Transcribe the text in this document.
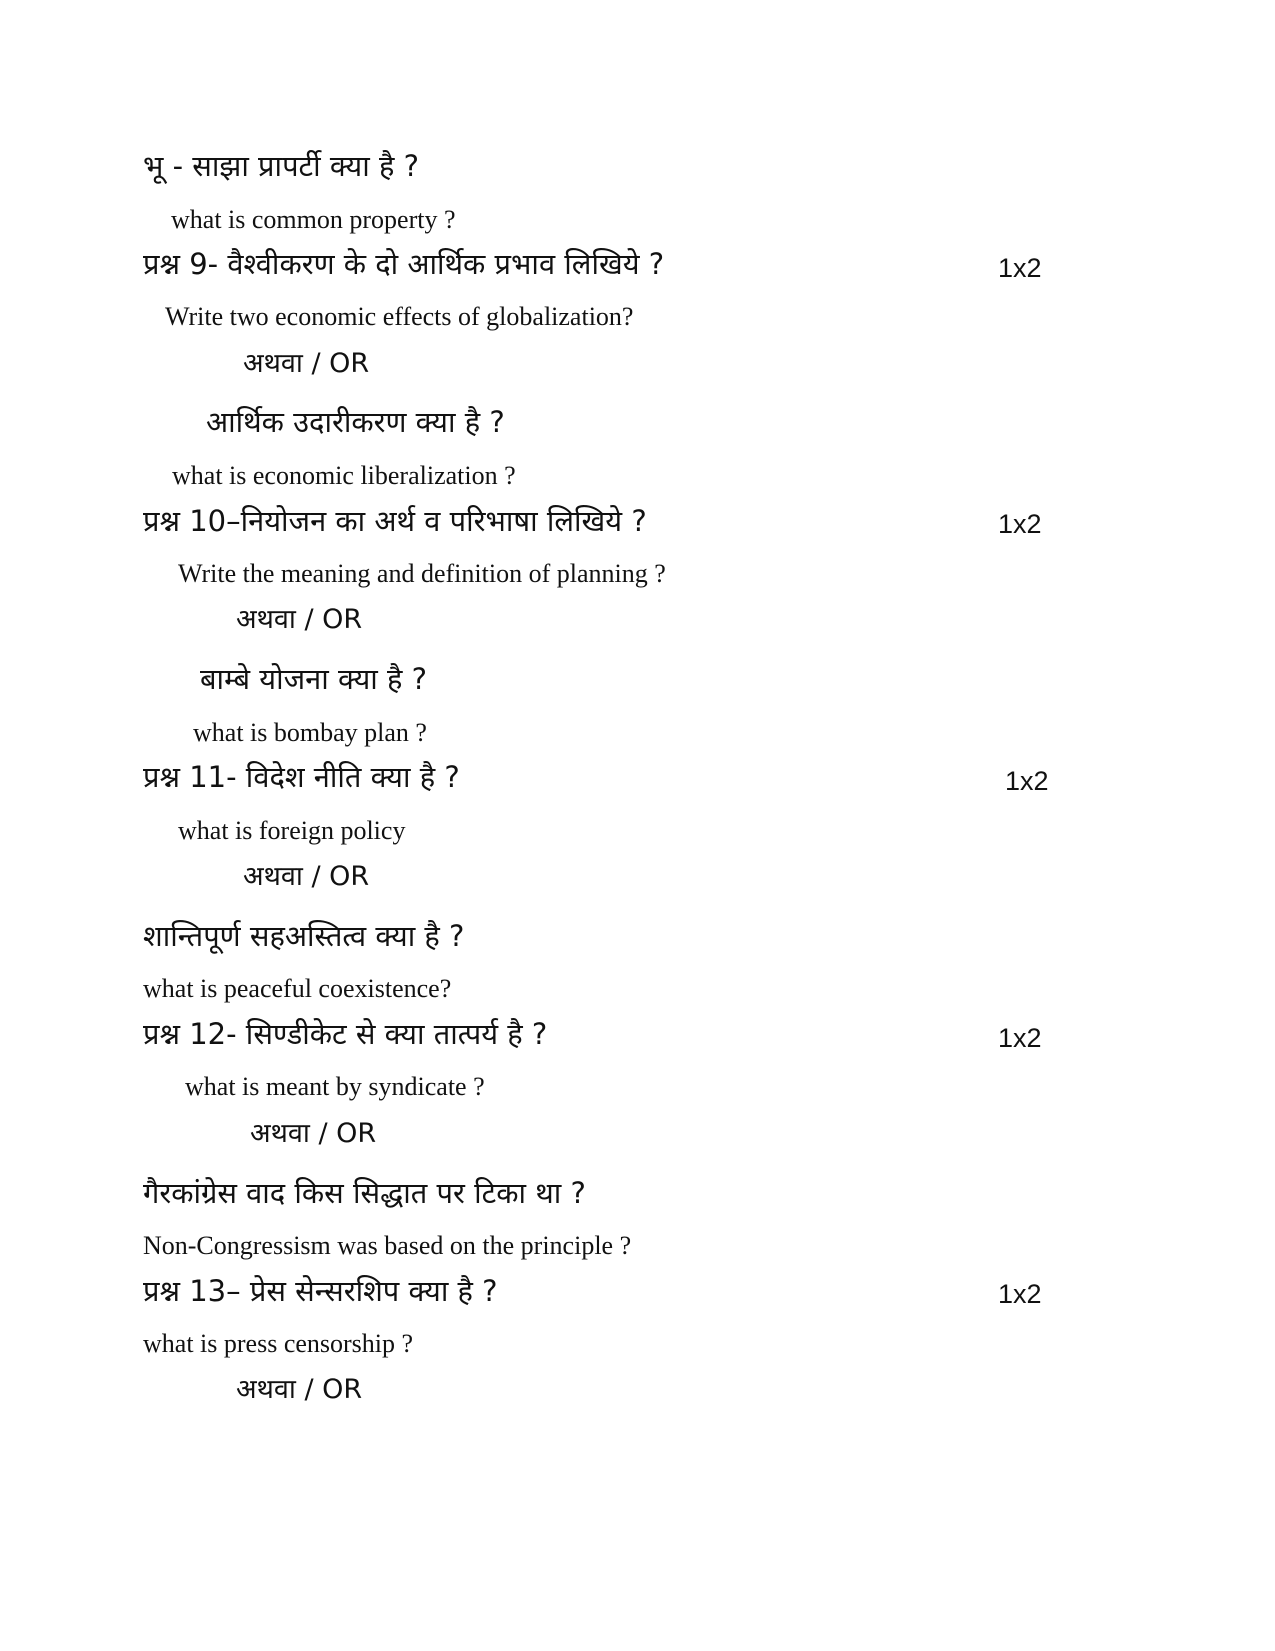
भू - साझा प्रापर्टी क्या है ?
what is common property ?
प्रश्न 9- वैश्वीकरण के दो आर्थिक प्रभाव लिखिये ?	1x2
Write two economic effects of globalization?
अथवा / OR
आर्थिक उदारीकरण क्या है ?
what is economic liberalization ?
प्रश्न 10–नियोजन का अर्थ व परिभाषा लिखिये ?	1x2
Write the meaning and definition of planning ?
अथवा / OR
बाम्बे योजना क्या है ?
what is bombay plan ?
प्रश्न 11- विदेश नीति क्या है ?	1x2
what is foreign policy
अथवा / OR
शान्तिपूर्ण सहअस्तित्व क्या है ?
what is peaceful coexistence?
प्रश्न 12- सिण्डीकेट से क्या तात्पर्य है ?	1x2
what is meant by syndicate ?
अथवा / OR
गैरकांग्रेस वाद किस सिद्धात पर टिका था ?
Non-Congressism was based on the principle ?
प्रश्न 13– प्रेस सेन्सरशिप क्या है ?	1x2
what is press censorship ?
अथवा / OR
